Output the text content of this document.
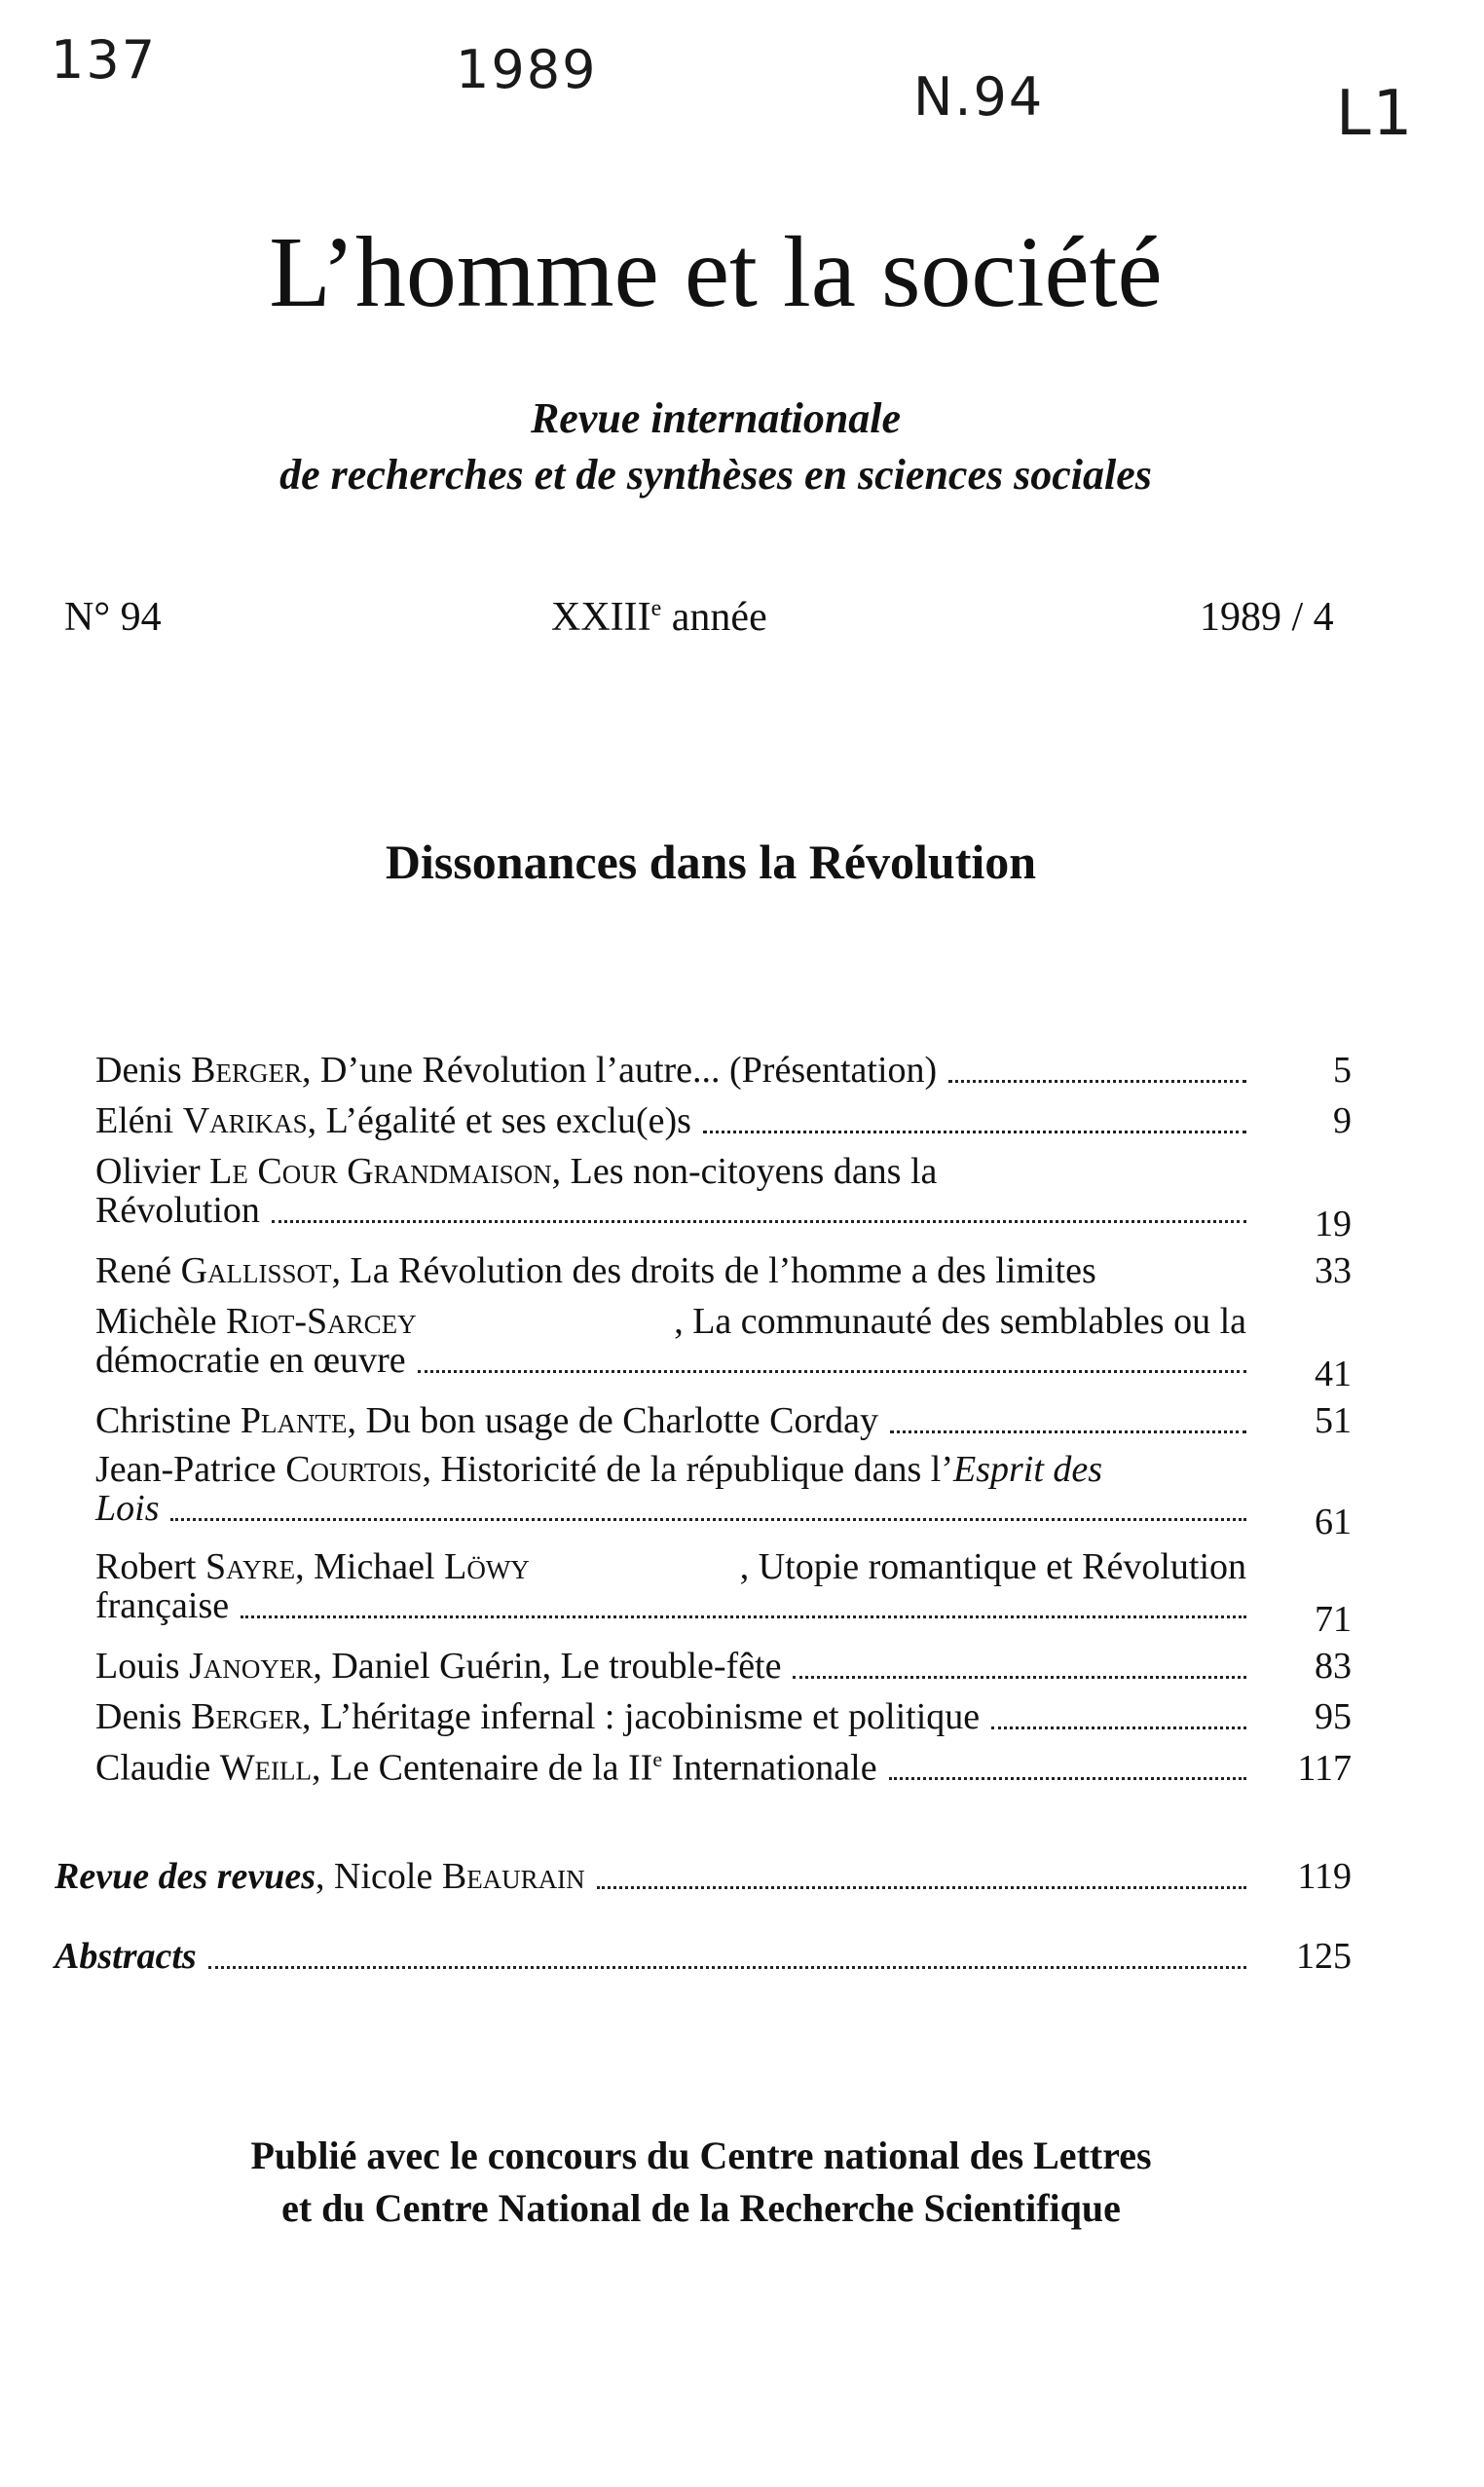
137	1989	N.94	L1
L’homme et la société
Revue internationale
de recherches et de synthèses en sciences sociales
N° 94	XXIIIe année	1989 / 4
Dissonances dans la Révolution
Denis Berger, D’une Révolution l’autre... (Présentation)	5
Eléni Varikas, L’égalité et ses exclu(e)s	9
Olivier Le Cour Grandmaison, Les non-citoyens dans la
Révolution	19
René Gallissot, La Révolution des droits de l’homme a des limites	33
Michèle Riot-Sarcey	, La communauté des semblables ou la
démocratie en œuvre	41
Christine Plante, Du bon usage de Charlotte Corday	51
Jean-Patrice Courtois, Historicité de la république dans l’Esprit des
Lois	61
Robert Sayre, Michael Löwy	, Utopie romantique et Révolution
française	71
Louis Janoyer, Daniel Guérin, Le trouble-fête	83
Denis Berger, L’héritage infernal : jacobinisme et politique	95
Claudie Weill, Le Centenaire de la IIe Internationale	117
Revue des revues, Nicole Beaurain	119
Abstracts	125
Publié avec le concours du Centre national des Lettres
et du Centre National de la Recherche Scientifique
